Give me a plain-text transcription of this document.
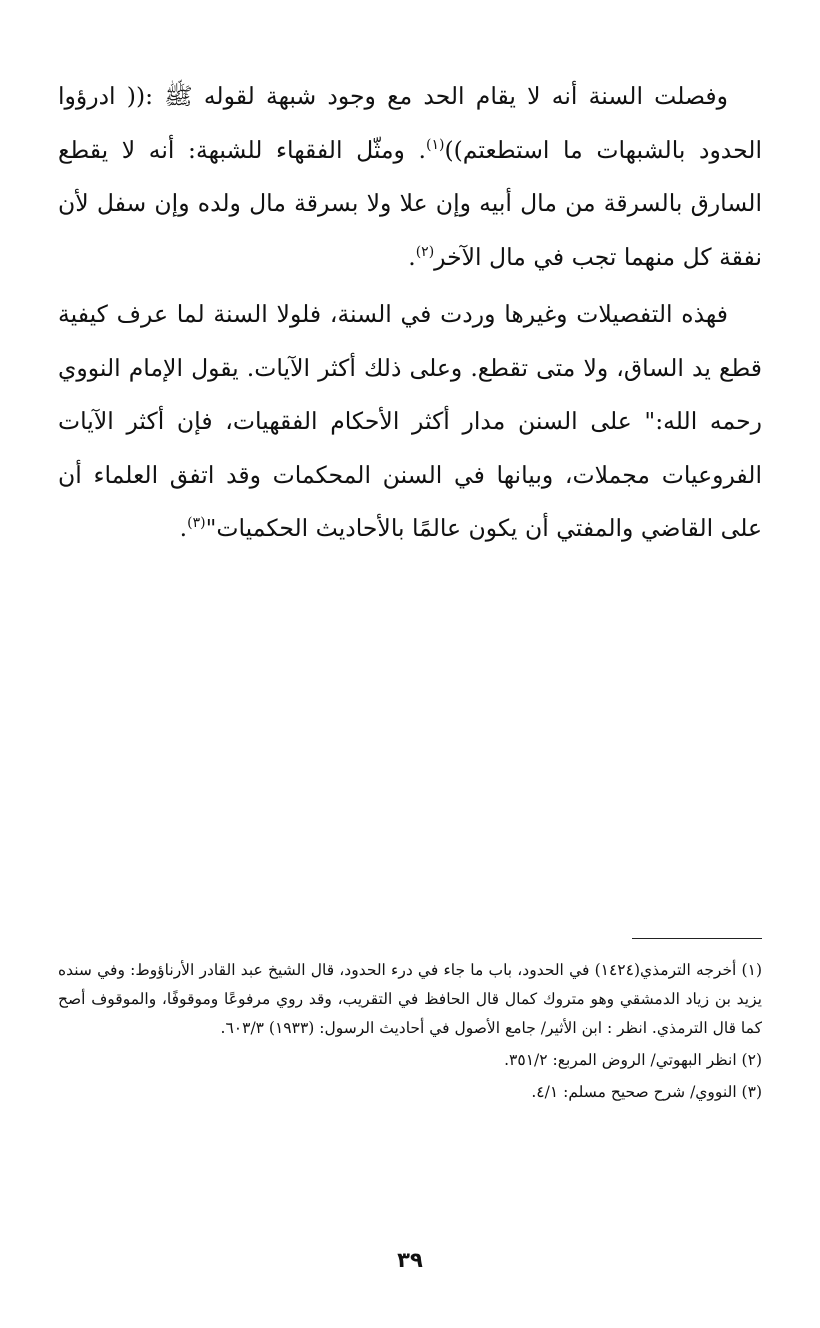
وفصلت السنة أنه لا يقام الحد مع وجود شبهة لقوله ﷺ :(( ادرؤوا الحدود بالشبهات ما استطعتم))$^{(١)}$. ومثّل الفقهاء للشبهة: أنه لا يقطع السارق بالسرقة من مال أبيه وإن علا ولا بسرقة مال ولده وإن سفل لأن نفقة كل منهما تجب في مال الآخر$^{(٢)}$.

فهذه التفصيلات وغيرها وردت في السنة، فلولا السنة لما عرف كيفية قطع يد الساق، ولا متى تقطع. وعلى ذلك أكثر الآيات. يقول الإمام النووي رحمه الله:" على السنن مدار أكثر الأحكام الفقهيات، فإن أكثر الآيات الفروعيات مجملات، وبيانها في السنن المحكمات وقد اتفق العلماء أن على القاضي والمفتي أن يكون عالمًا بالأحاديث الحكميات"$^{(٣)}$.

(١) أخرجه الترمذي(١٤٢٤) في الحدود، باب ما جاء في درء الحدود، قال الشيخ عبد القادر الأرناؤوط: وفي سنده يزيد بن زياد الدمشقي وهو متروك كمال قال الحافظ في التقريب، وقد روي مرفوعًا وموقوفًا، والموقوف أصح كما قال الترمذي. انظر : ابن الأثير/ جامع الأصول في أحاديث الرسول: (١٩٣٣) ٦٠٣/٣.

(٢) انظر البهوتي/ الروض المربع: ٣٥١/٢.

(٣) النووي/ شرح صحيح مسلم: ٤/١.

٣٩
